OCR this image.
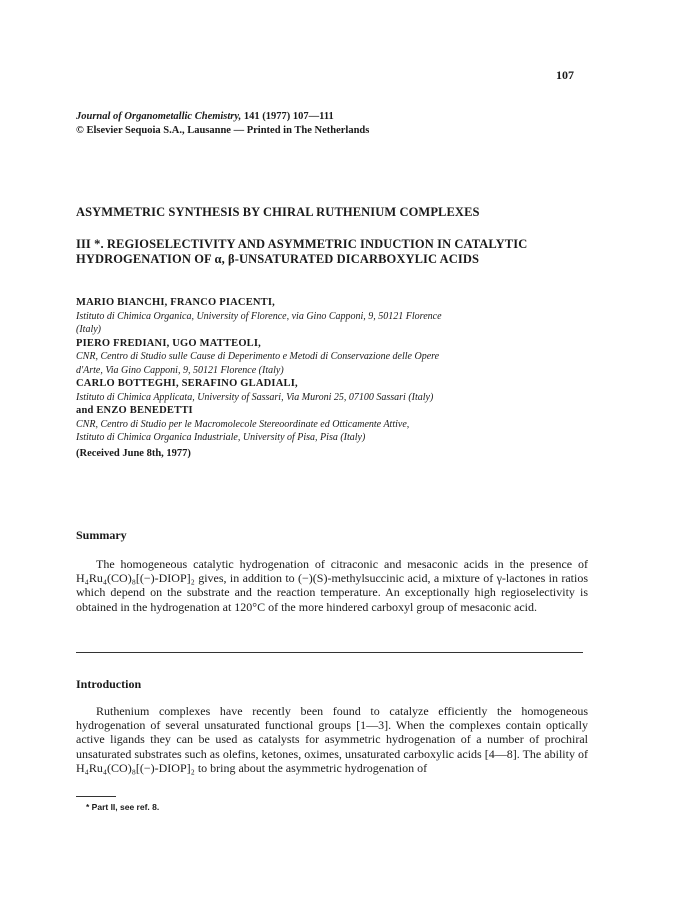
107
Journal of Organometallic Chemistry, 141 (1977) 107—111
© Elsevier Sequoia S.A., Lausanne — Printed in The Netherlands
ASYMMETRIC SYNTHESIS BY CHIRAL RUTHENIUM COMPLEXES
III *. REGIOSELECTIVITY AND ASYMMETRIC INDUCTION IN CATALYTIC
HYDROGENATION OF α, β-UNSATURATED DICARBOXYLIC ACIDS
MARIO BIANCHI, FRANCO PIACENTI,
Istituto di Chimica Organica, University of Florence, via Gino Capponi, 9, 50121 Florence
(Italy)
PIERO FREDIANI, UGO MATTEOLI,
CNR, Centro di Studio sulle Cause di Deperimento e Metodi di Conservazione delle Opere
d'Arte, Via Gino Capponi, 9, 50121 Florence (Italy)
CARLO BOTTEGHI, SERAFINO GLADIALI,
Istituto di Chimica Applicata, University of Sassari, Via Muroni 25, 07100 Sassari (Italy)
and ENZO BENEDETTI
CNR, Centro di Studio per le Macromolecole Stereoordinate ed Otticamente Attive,
Istituto di Chimica Organica Industriale, University of Pisa, Pisa (Italy)
(Received June 8th, 1977)
Summary

The homogeneous catalytic hydrogenation of citraconic and mesaconic acids in the presence of H₄Ru₄(CO)₈[(−)-DIOP]₂ gives, in addition to (−)(S)-methylsuccinic acid, a mixture of γ-lactones in ratios which depend on the substrate and the reaction temperature. An exceptionally high regioselectivity is obtained in the hydrogenation at 120°C of the more hindered carboxyl group of mesaconic acid.

Introduction

Ruthenium complexes have recently been found to catalyze efficiently the homogeneous hydrogenation of several unsaturated functional groups [1—3]. When the complexes contain optically active ligands they can be used as catalysts for asymmetric hydrogenation of a number of prochiral unsaturated substrates such as olefins, ketones, oximes, unsaturated carboxylic acids [4—8]. The ability of H₄Ru₄(CO)₈[(−)-DIOP]₂ to bring about the asymmetric hydrogenation of

* Part II, see ref. 8.
